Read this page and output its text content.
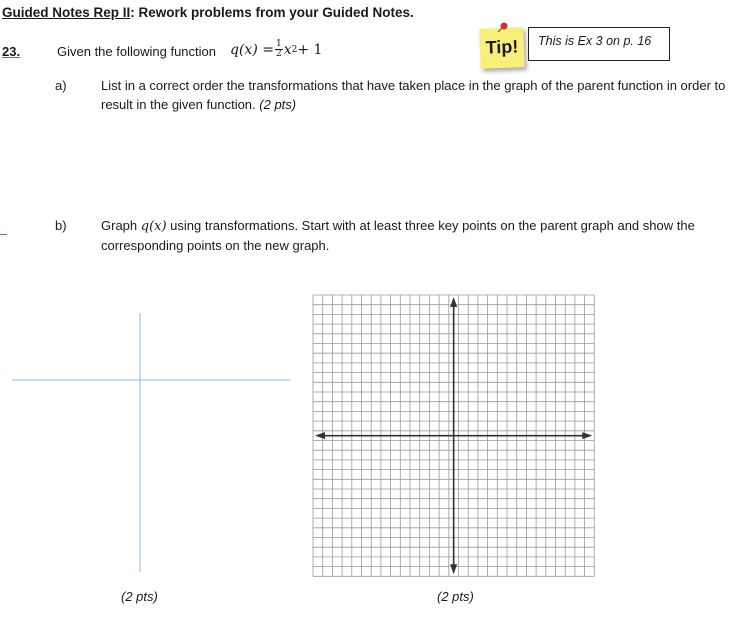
Guided Notes Rep II: Rework problems from your Guided Notes.
23.	Given the following function $q(x) = \frac{1}{2}$ x 2 + 1	Tip!	This is Ex 3 on p. 16
a)	List in a correct order the transformations that have taken place in the graph of the parent function in order to result in the given function. (2 pts)
b)	Graph q(x) using transformations. Start with at least three key points on the parent graph and show the corresponding points on the new graph.
(2 pts)	(2 pts)
